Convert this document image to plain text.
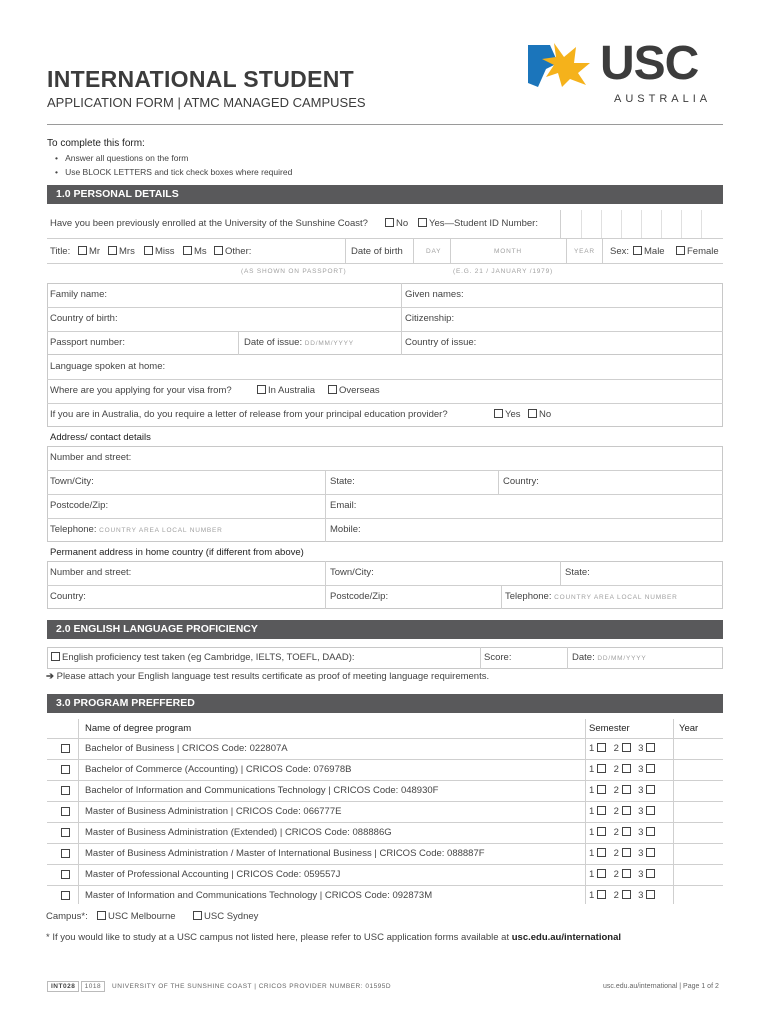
INTERNATIONAL STUDENT
APPLICATION FORM | ATMC MANAGED CAMPUSES
USC
AUSTRALIA
To complete this form:
•   Answer all questions on the form
•   Use BLOCK LETTERS and tick check boxes where required
1.0 PERSONAL DETAILS
Have you been previously enrolled at the University of the Sunshine Coast?	No	Yes—Student ID Number:
Title:	Mr	Mrs	Miss	Ms	Other:	Date of birth	DAY	MONTH	YEAR Sex:	Male	Female
(AS SHOWN ON PASSPORT)	(E.G. 21 / JANUARY /1979)
Family name:	Given names:
Country of birth:	Citizenship:
Passport number:	Date of issue: DD/MM/YYYY	Country of issue:
Language spoken at home:
Where are you applying for your visa from?	In Australia	Overseas
If you are in Australia, do you require a letter of release from your principal education provider?	Yes	No
Address/ contact details
Number and street:
Town/City:	State:	Country:
Postcode/Zip:	Email:
Telephone: COUNTRY AREA LOCAL NUMBER	Mobile:
Permanent address in home country (if different from above)
Number and street:	Town/City:	State:
Country:	Postcode/Zip:	Telephone: COUNTRY AREA LOCAL NUMBER
2.0 ENGLISH LANGUAGE PROFICIENCY
English proficiency test taken (eg Cambridge, IELTS, TOEFL, DAAD):	Score:	Date: DD/MM/YYYY
➔ Please attach your English language test results certificate as proof of meeting language requirements.
3.0 PROGRAM PREFFERED
Name of degree program	Semester	Year
Bachelor of Business | CRICOS Code: 022807A	1 2 3
Bachelor of Commerce (Accounting) | CRICOS Code: 076978B	1 2 3
Bachelor of Information and Communications Technology | CRICOS Code: 048930F	1 2 3
Master of Business Administration | CRICOS Code: 066777E	1 2 3
Master of Business Administration (Extended) | CRICOS Code: 088886G	1 2 3
Master of Business Administration / Master of International Business | CRICOS Code: 088887F	1 2 3
Master of Professional Accounting | CRICOS Code: 059557J	1 2 3
Master of Information and Communications Technology | CRICOS Code: 092873M	1 2 3
Campus*:	USC Melbourne	USC Sydney
* If you would like to study at a USC campus not listed here, please refer to USC application forms available at usc.edu.au/international
INT028 1018 UNIVERSITY OF THE SUNSHINE COAST | CRICOS PROVIDER NUMBER: 01595D	usc.edu.au/international | Page 1 of 2
